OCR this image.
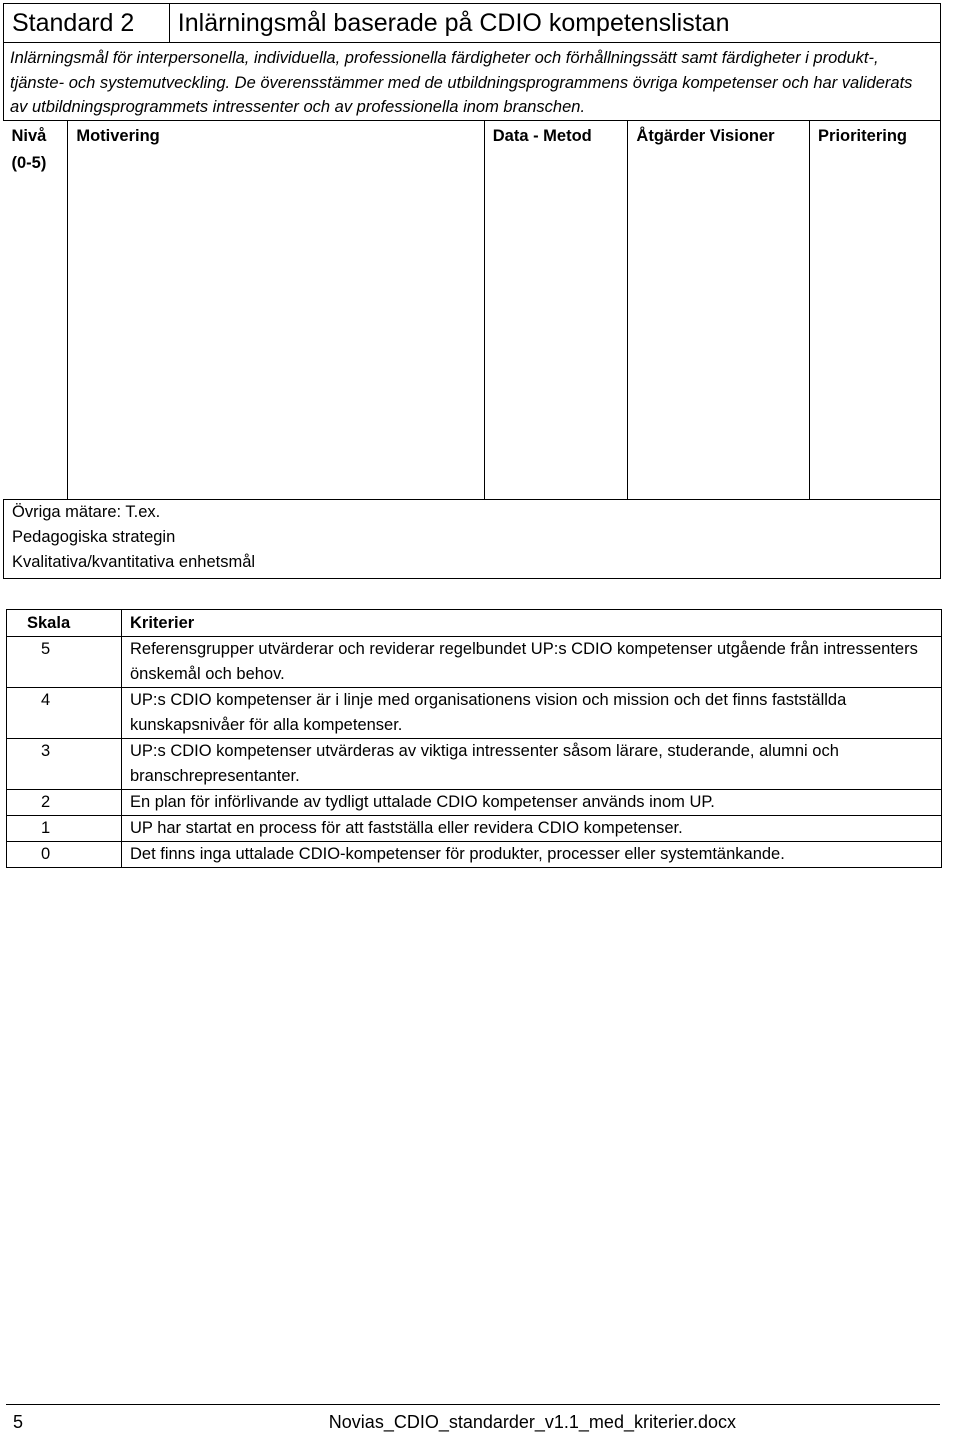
Standard 2		Inlärningsmål baserade på CDIO kompetenslistan			

Inlärningsmål för interpersonella, individuella, professionella färdigheter och förhållningssätt samt färdigheter i produkt-, tjänste- och systemutveckling. De överensstämmer med de utbildningsprogrammens övriga kompetenser och har validerats av utbildningsprogrammets intressenter och av professionella inom branschen.					
Nivå (0-5)	Motivering		Data - Metod	Åtgärder Visioner	Prioritering

Övriga mätare: T.ex.
Pedagogiska strategin
Kvalitativa/kvantitativa enhetsmål					
Skala	Kriterier
5	Referensgrupper utvärderar och reviderar regelbundet UP:s CDIO kompetenser utgående från intressenters önskemål och behov.
4	UP:s CDIO kompetenser är i linje med organisationens vision och mission och det finns fastställda kunskapsnivåer för alla kompetenser.
3	UP:s CDIO kompetenser utvärderas av viktiga intressenter såsom lärare, studerande, alumni och branschrepresentanter.
2	En plan för införlivande av tydligt uttalade CDIO kompetenser används inom UP.
1	UP har startat en process för att fastställa eller revidera CDIO kompetenser.
0	Det finns inga uttalade CDIO-kompetenser för produkter, processer eller systemtänkande.
5	Novias_CDIO_standarder_v1.1_med_kriterier.docx
